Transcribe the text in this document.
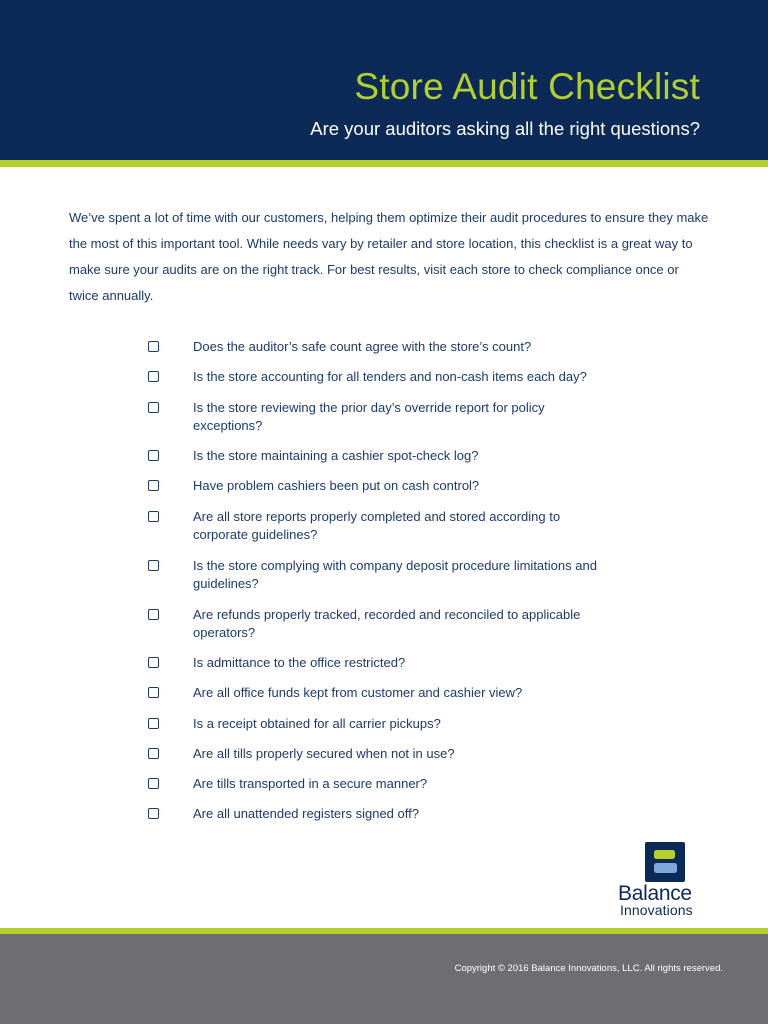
Store Audit Checklist

Are your auditors asking all the right questions?

We’ve spent a lot of time with our customers, helping them optimize their audit procedures to ensure they make the most of this important tool. While needs vary by retailer and store location, this checklist is a great way to make sure your audits are on the right track. For best results, visit each store to check compliance once or twice annually.

Does the auditor’s safe count agree with the store’s count?
Is the store accounting for all tenders and non-cash items each day?
Is the store reviewing the prior day’s override report for policy exceptions?
Is the store maintaining a cashier spot-check log?
Have problem cashiers been put on cash control?
Are all store reports properly completed and stored according to corporate guidelines?
Is the store complying with company deposit procedure limitations and guidelines?
Are refunds properly tracked, recorded and reconciled to applicable operators?
Is admittance to the office restricted?
Are all office funds kept from customer and cashier view?
Is a receipt obtained for all carrier pickups?
Are all tills properly secured when not in use?
Are tills transported in a secure manner?
Are all unattended registers signed off?
Balance
Innovations

Copyright © 2016 Balance Innovations, LLC. All rights reserved.
